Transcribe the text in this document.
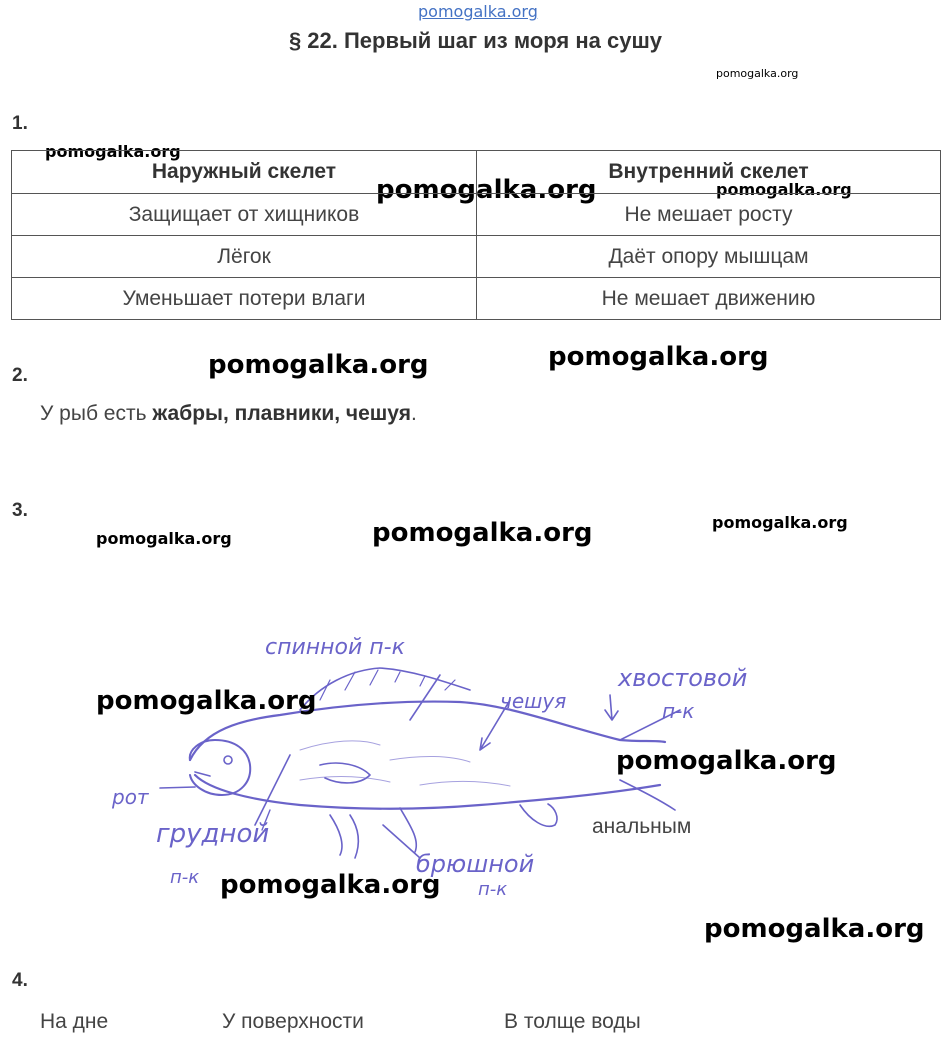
pomogalka.org
§ 22. Первый шаг из моря на сушу
pomogalka.org
pomogalka.org
pomogalka.org	pomogalka.org
pomogalka.org	pomogalka.org
pomogalka.org	pomogalka.org	pomogalka.org
1.
Наружный скелет	Внутренний скелет
Защищает от хищников	Не мешает росту
Лёгок	Даёт опору мышцам
Уменьшает потери влаги	Не мешает движению
2.
У рыб есть жабры, плавники, чешуя.
3.
спинной п-к
хвостовой
п-к
чешуя
рот
грудной
п-к	брюшной
п-к
анальным
pomogalka.org
pomogalka.org
pomogalka.org
pomogalka.org
4.
На дне	У поверхности	В толще воды
